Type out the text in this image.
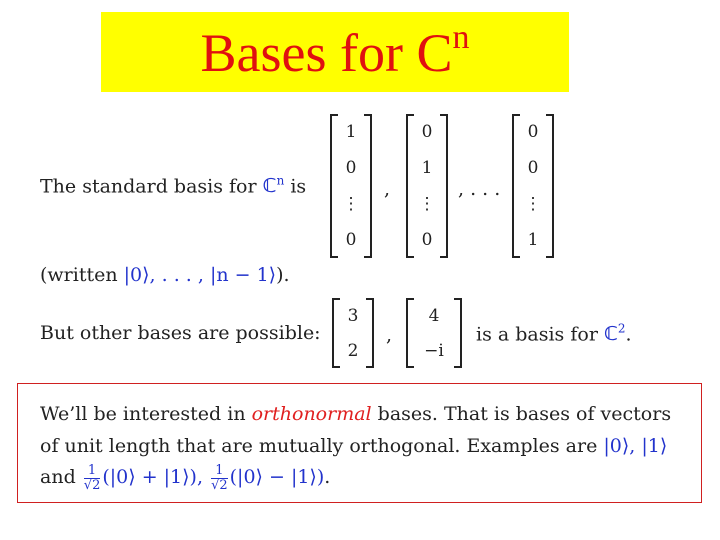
Bases for $C^n$
The standard basis for ℂ$^n$ is
1
0
⋮
0
,
0
1
⋮
0
, . . .
0
0
⋮
1
(written |0⟩, . . . , |n − 1⟩).
But other bases are possible:
3
2
,
4
−i
is a basis for ℂ$^2$.
We’ll be interested in orthonormal bases. That is bases of vectors
of unit length that are mutually orthogonal. Examples are |0⟩, |1⟩
and $\frac{1}{√2}$ (|0⟩ + |1⟩), $\frac{1}{√2}$ (|0⟩ − |1⟩).
